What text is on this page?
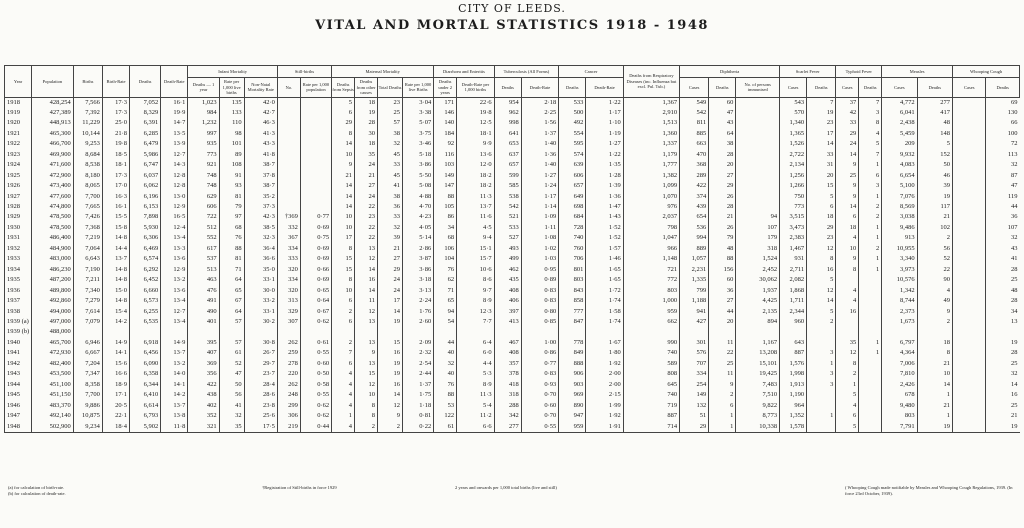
CITY OF LEEDS.
VITAL AND MORTAL STATISTICS 1918 - 1948
Year	Population	Births	Birth-Rate	Deaths	Death-Rate	Infant Mortality			Still-births		Maternal Mortality				Diarrhoea and Enteritis		Tuberculosis (All Forms)		Cancer		Deaths from Respiratory Diseases (inc. Influenza but excl. Pul. Tub.)	Diphtheria			Scarlet Fever		Typhoid Fever		Measles		Whooping Cough	
						Deaths — 1 year	Rate per 1,000 live births	Non-Natal Mortality Rate	No.	Rate per 1,000 population	Deaths from Sepsis	Deaths from other causes	Total Deaths	Rate per 1,000 live Births	Deaths under 2 years	Death-Rate per 1,000 births	Deaths	Death-Rate	Deaths	Death-Rate		Cases	Deaths	No. of persons immunised	Cases	Deaths	Cases	Deaths	Cases	Deaths	Cases	Deaths
1918	428,254	7,566	17·3	7,052	16·1	1,023	135	42·0			5	18	23	3·04	171	22·6	954	2·18	533	1·22	1,367	549	60		543	7	37	7	4,772	277		69
1919	427,389	7,392	17·3	8,329	19·9	984	133	42·7			6	19	25	3·38	146	19·8	962	2·25	500	1·17	2,910	542	47		570	19	42	3	6,041	417		130
1920	448,913	11,229	25·0	6,391	14·7	1,232	110	46·3			29	28	57	5·07	140	12·5	998	1·56	492	1·10	1,513	811	43		1,340	23	33	8	2,438	48		66
1921	465,300	10,144	21·8	6,285	13·5	997	98	41·3			8	30	38	3·75	184	18·1	641	1·37	554	1·19	1,360	885	64		1,365	17	29	4	5,459	148		100
1922	466,700	9,253	19·8	6,479	13·9	935	101	43·3			14	18	32	3·46	92	9·9	653	1·40	595	1·27	1,337	663	38		1,526	14	24	5	209	5		72
1923	469,900	8,684	18·5	5,986	12·7	773	89	41·8			10	35	45	5·18	116	13·6	637	1·36	574	1·22	1,179	470	28		2,722	33	14	7	9,932	152		113
1924	471,600	8,538	18·1	6,747	14·3	921	108	38·7			9	24	33	3·86	103	12·0	657	1·40	639	1·35	1,777	368	20		2,134	31	9	1	4,083	50		32
1925	472,900	8,180	17·3	6,037	12·8	748	91	37·8			21	21	45	5·50	149	18·2	599	1·27	606	1·28	1,382	289	27		1,256	20	25	6	6,654	46		87
1926	473,400	8,065	17·0	6,062	12·8	748	93	38·7			14	27	41	5·08	147	18·2	585	1·24	657	1·39	1,099	422	29		1,266	15	9	3	5,100	39		47
1927	477,600	7,700	16·3	6,196	13·0	629	81	35·2			14	24	38	4·88	88	11·3	538	1·17	649	1·36	1,070	374	26		750	5	9	1	7,076	19		119
1928	474,800	7,665	16·1	6,153	12·9	606	79	37·3			14	22	36	4·70	105	13·7	542	1·14	698	1·47	976	439	28		773	6	14	2	8,569	117		44
1929	478,500	7,426	15·5	7,898	16·5	722	97	42·3	†369	0·77	10	23	33	4·23	86	11·6	521	1·09	684	1·43	2,037	654	21	94	3,515	18	6	2	3,038	21		36
1930	478,500	7,368	15·8	5,930	12·4	512	68	38·5	332	0·69	10	22	32	4·05	34	4·5	533	1·11	728	1·52	798	536	26	107	3,473	29	18	1	9,486	102		107
1931	486,400	7,219	14·8	6,306	13·4	552	76	32·3	367	0·75	17	22	39	5·14	68	9·4	527	1·08	740	1·52	1,047	994	79	179	2,383	23	4	1	913	2		32
1932	484,900	7,064	14·4	6,469	13·3	617	88	36·4	334	0·69	8	13	21	2·86	106	15·1	493	1·02	760	1·57	966	889	48	318	1,467	12	10	2	10,955	56		43
1933	483,000	6,643	13·7	6,574	13·6	537	81	36·6	333	0·69	15	12	27	3·87	104	15·7	499	1·03	706	1·46	1,148	1,057	88	1,524	931	8	9	1	3,340	52		41
1934	486,230	7,190	14·8	6,292	12·9	513	71	35·0	320	0·66	15	14	29	3·86	76	10·6	462	0·95	801	1·65	721	2,231	156	2,452	2,711	16	8	1	3,973	22		28
1935	487,200	7,211	14·8	6,452	13·2	463	64	33·1	334	0·69	8	16	24	3·18	62	8·6	435	0·89	803	1·65	772	1,335	60	30,062	2,082	5			10,576	90		25
1936	489,800	7,340	15·0	6,660	13·6	476	65	30·0	320	0·65	10	14	24	3·13	71	9·7	408	0·83	843	1·72	803	799	36	1,937	1,868	12	4		1,342	4		48
1937	492,860	7,279	14·8	6,573	13·4	491	67	33·2	313	0·64	6	11	17	2·24	65	8·9	406	0·83	858	1·74	1,000	1,188	27	4,425	1,711	14	4		8,744	49		28
1938	494,000	7,614	15·4	6,255	12·7	490	64	33·1	329	0·67	2	12	14	1·76	94	12·3	397	0·80	777	1·58	959	941	44	2,135	2,344	5	16		2,373	9		34
1939 (a)	497,000	7,079	14·2	6,535	13·4	401	57	30·2	307	0·62	6	13	19	2·60	54	7·7	413	0·85	847	1·74	662	427	20	894	960	2			1,673	2		13
1939 (b)	488,000																															
1940	465,700	6,946	14·9	6,918	14·9	395	57	30·8	262	0·61	2	13	15	2·09	44	6·4	467	1·00	778	1·67	990	301	11	1,167	643		35	1	6,797	18		19
1941	472,930	6,667	14·1	6,456	13·7	407	61	26·7	259	0·55	7	9	16	2·32	40	6·0	408	0·86	849	1·80	740	576	22	13,208	887	3	12	1	4,364	8		28
1942	482,400	7,204	15·6	6,090	13·2	369	52	29·7	278	0·60	6	13	19	2·54	32	4·4	357	0·77	888	1·92	589	707	25	15,101	1,576	1	8		7,006	21		25
1943	453,500	7,347	16·6	6,358	14·0	356	47	23·7	220	0·50	4	15	19	2·44	40	5·3	378	0·83	906	2·00	808	334	11	19,425	1,998	3	2		7,810	10		32
1944	451,100	8,358	18·9	6,344	14·1	422	50	28·4	262	0·58	4	12	16	1·37	76	8·9	418	0·93	903	2·00	645	254	9	7,483	1,913	3	1		2,426	14		14
1945	451,150	7,700	17·1	6,410	14·2	438	56	28·6	248	0·55	4	10	14	1·75	88	11·3	318	0·70	969	2·15	740	149	2	7,510	1,190		5		678	1		16
1946	483,370	9,886	20·5	6,614	13·7	402	41	23·8	299	0·62	4	8	12	1·18	53	5·4	288	0·60	890	1·99	719	132	6	9,822	964		4		9,480	21		25
1947	492,140	10,875	22·1	6,793	13·8	352	32	25·6	306	0·62	1	8	9	0·81	122	11·2	342	0·70	947	1·92	887	51	1	8,773	1,352	1	6		803	1		21
1948	502,900	9,234	18·4	5,902	11·8	321	35	17·5	219	0·44	4	2	2	0·22	61	6·6	277	0·55	959	1·91	714	29	1	10,338	1,578		5		7,791	19		19
(a) for calculation of birth-rate.
(b) for calculation of death-rate.
†Registration of Still-births in force 1929	2 years and onwards per 1,000 total births (live and still)	( Whooping Cough made notifiable by Measles and Whooping Cough Regulations, 1939. (In force 23rd October, 1939).
